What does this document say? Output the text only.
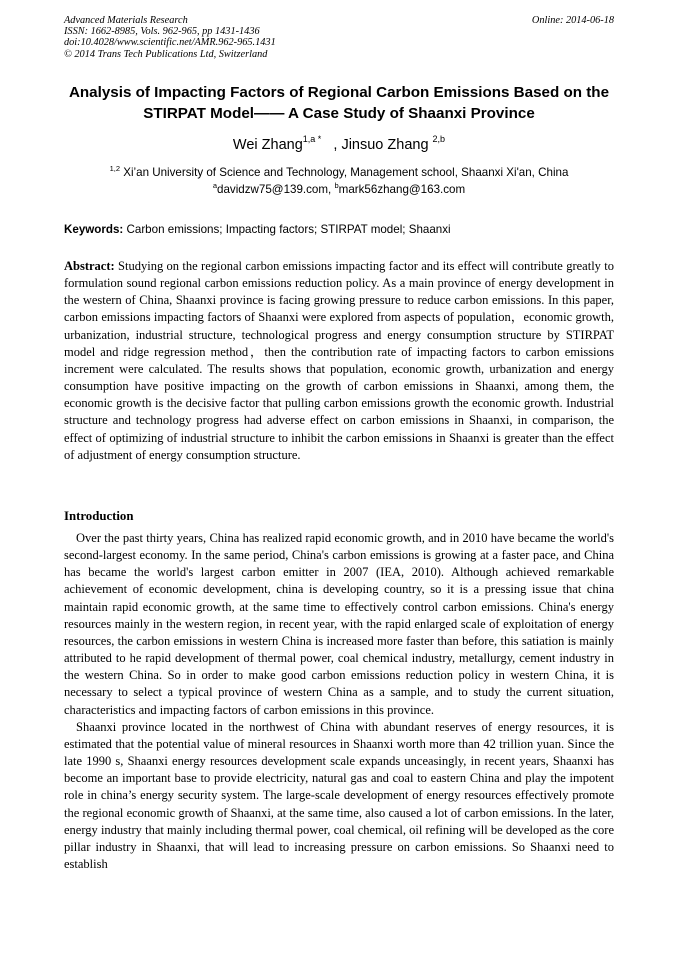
Advanced Materials Research
ISSN: 1662-8985, Vols. 962-965, pp 1431-1436
doi:10.4028/www.scientific.net/AMR.962-965.1431
© 2014 Trans Tech Publications Ltd, Switzerland
Online: 2014-06-18
Analysis of Impacting Factors of Regional Carbon Emissions Based on the STIRPAT Model—— A Case Study of Shaanxi Province
Wei Zhang$^{1,a *}$ , Jinsuo Zhang $^{2,b}$
$^{1,2}$ Xi’an University of Science and Technology, Management school, Shaanxi Xi'an, China
$^a$davidzw75@139.com, $^b$mark56zhang@163.com
Keywords: Carbon emissions; Impacting factors; STIRPAT model; Shaanxi
Abstract: Studying on the regional carbon emissions impacting factor and its effect will contribute greatly to formulation sound regional carbon emissions reduction policy. As a main province of energy development in the western of China, Shaanxi province is facing growing pressure to reduce carbon emissions. In this paper, carbon emissions impacting factors of Shaanxi were explored from aspects of population，economic growth, urbanization, industrial structure, technological progress and energy consumption structure by STIRPAT model and ridge regression method，then the contribution rate of impacting factors to carbon emissions increment were calculated. The results shows that population, economic growth, urbanization and energy consumption have positive impacting on the growth of carbon emissions in Shaanxi, among them, the economic growth is the decisive factor that pulling carbon emissions growth the economic growth. Industrial structure and technology progress had adverse effect on carbon emissions in Shaanxi, in comparison, the effect of optimizing of industrial structure to inhibit the carbon emissions in Shaanxi is greater than the effect of adjustment of energy consumption structure.
Introduction

Over the past thirty years, China has realized rapid economic growth, and in 2010 have became the world's second-largest economy. In the same period, China's carbon emissions is growing at a faster pace, and China has became the world's largest carbon emitter in 2007 (IEA, 2010). Although achieved remarkable achievement of economic development, china is developing country, so it is a pressing issue that china maintain rapid economic growth, at the same time to effectively control carbon emissions. China's energy resources mainly in the western region, in recent year, with the rapid enlarged scale of exploitation of energy resources, the carbon emissions in western China is increased more faster than before, this satiation is mainly attributed to he rapid development of thermal power, coal chemical industry, metallurgy, cement industry in the western China. So in order to make good carbon emissions reduction policy in western China, it is necessary to select a typical province of western China as a sample, and to study the current situation, characteristics and impacting factors of carbon emissions in this province.

Shaanxi province located in the northwest of China with abundant reserves of energy resources, it is estimated that the potential value of mineral resources in Shaanxi worth more than 42 trillion yuan. Since the late 1990 s, Shaanxi energy resources development scale expands unceasingly, in recent years, Shaanxi has become an important base to provide electricity, natural gas and coal to eastern China and play the impotent role in china’s energy security system. The large-scale development of energy resources effectively promote the regional economic growth of Shaanxi, at the same time, also caused a lot of carbon emissions. In the later, energy industry that mainly including thermal power, coal chemical, oil refining will be developed as the core pillar industry in Shaanxi, that will lead to increasing pressure on carbon emissions. So Shaanxi need to establish
